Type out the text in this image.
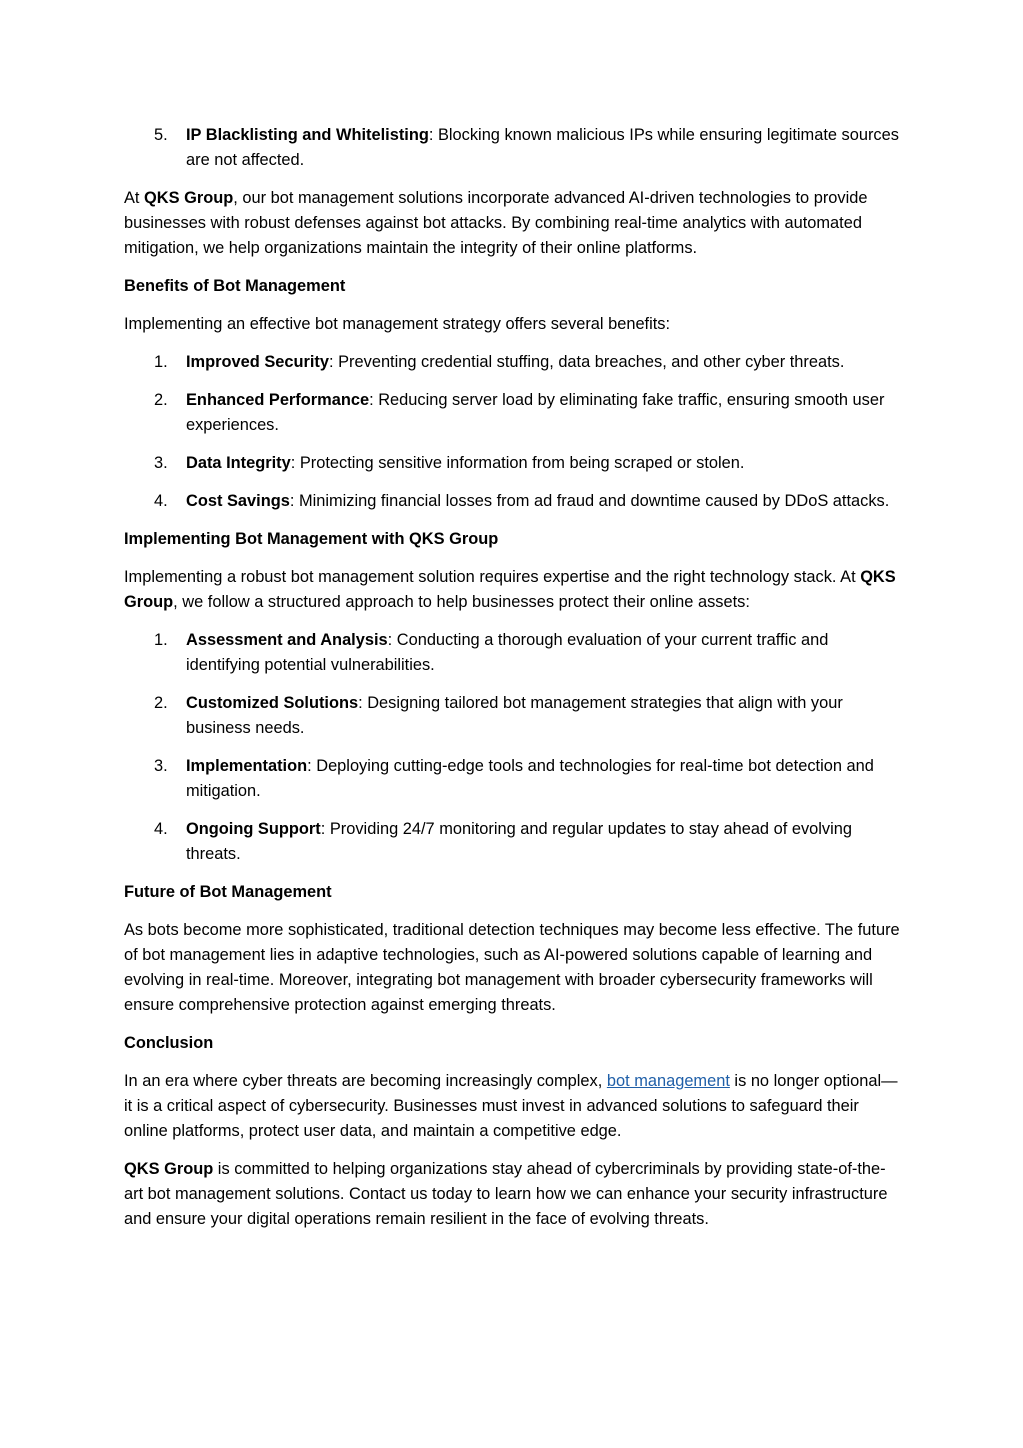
5. IP Blacklisting and Whitelisting: Blocking known malicious IPs while ensuring legitimate sources are not affected.

At QKS Group, our bot management solutions incorporate advanced AI-driven technologies to provide businesses with robust defenses against bot attacks. By combining real-time analytics with automated mitigation, we help organizations maintain the integrity of their online platforms.

Benefits of Bot Management

Implementing an effective bot management strategy offers several benefits:

1. Improved Security: Preventing credential stuffing, data breaches, and other cyber threats.
2. Enhanced Performance: Reducing server load by eliminating fake traffic, ensuring smooth user experiences.
3. Data Integrity: Protecting sensitive information from being scraped or stolen.
4. Cost Savings: Minimizing financial losses from ad fraud and downtime caused by DDoS attacks.
Implementing Bot Management with QKS Group

Implementing a robust bot management solution requires expertise and the right technology stack. At QKS Group, we follow a structured approach to help businesses protect their online assets:

1. Assessment and Analysis: Conducting a thorough evaluation of your current traffic and identifying potential vulnerabilities.
2. Customized Solutions: Designing tailored bot management strategies that align with your business needs.
3. Implementation: Deploying cutting-edge tools and technologies for real-time bot detection and mitigation.
4. Ongoing Support: Providing 24/7 monitoring and regular updates to stay ahead of evolving threats.
Future of Bot Management

As bots become more sophisticated, traditional detection techniques may become less effective. The future of bot management lies in adaptive technologies, such as AI-powered solutions capable of learning and evolving in real-time. Moreover, integrating bot management with broader cybersecurity frameworks will ensure comprehensive protection against emerging threats.

Conclusion

In an era where cyber threats are becoming increasingly complex, bot management is no longer optional—it is a critical aspect of cybersecurity. Businesses must invest in advanced solutions to safeguard their online platforms, protect user data, and maintain a competitive edge.

QKS Group is committed to helping organizations stay ahead of cybercriminals by providing state-of-the-art bot management solutions. Contact us today to learn how we can enhance your security infrastructure and ensure your digital operations remain resilient in the face of evolving threats.
